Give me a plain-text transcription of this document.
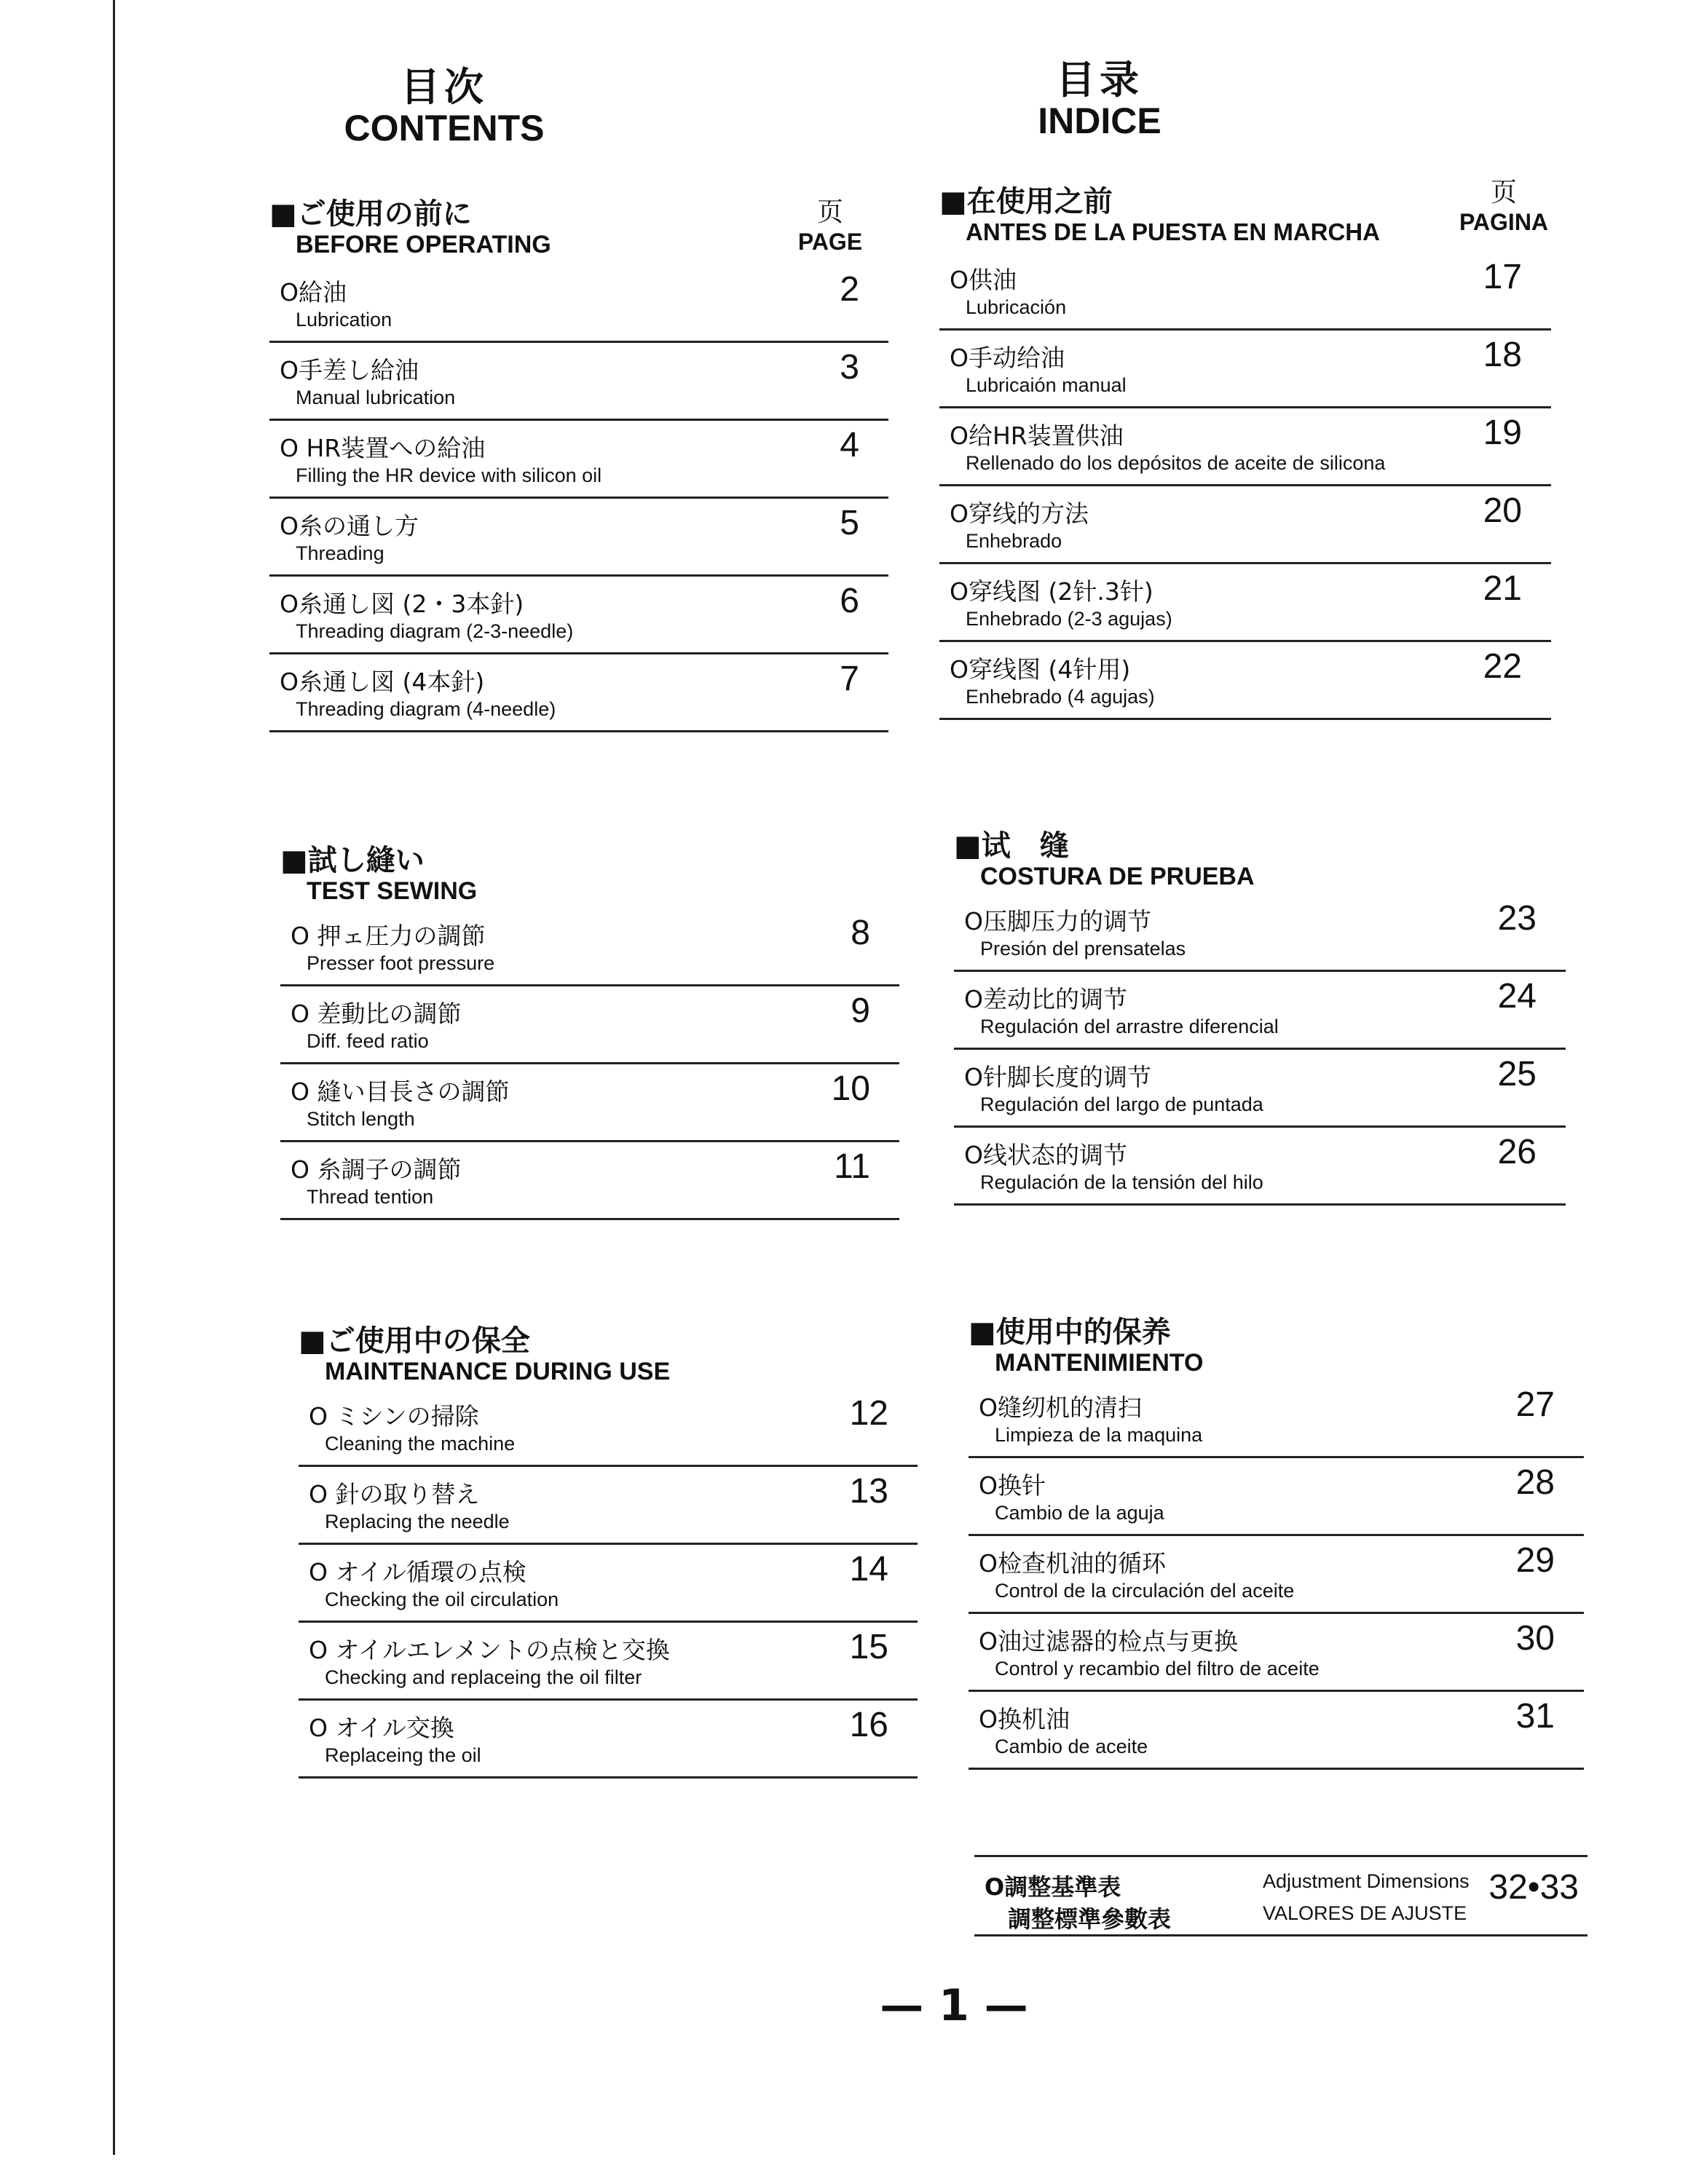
目次
CONTENTS
目录
INDICE
■ご使用の前に
BEFORE OPERATING
页
PAGE
O給油
Lubrication
2
O手差し給油
Manual lubrication
3
O HR装置への給油
Filling the HR device with silicon oil
4
O糸の通し方
Threading
5
O糸通し図 (2・3本針)
Threading diagram (2-3-needle)
6
O糸通し図 (4本針)
Threading diagram (4-needle)
7
■試し縫い
TEST SEWING
O 押ェ圧力の調節
Presser foot pressure
8
O 差動比の調節
Diff. feed ratio
9
O 縫い目長さの調節
Stitch length
10
O 糸調子の調節
Thread tention
11
■ご使用中の保全
MAINTENANCE DURING USE
O ミシンの掃除
Cleaning the machine
12
O 針の取り替え
Replacing the needle
13
O オイル循環の点検
Checking the oil circulation
14
O オイルエレメントの点検と交換
Checking and replaceing the oil filter
15
O オイル交換
Replaceing the oil
16
■在使用之前
ANTES DE LA PUESTA EN MARCHA
页
PAGINA
O供油
Lubricación
17
O手动给油
Lubricaión manual
18
O给HR装置供油
Rellenado do los depósitos de aceite de silicona
19
O穿线的方法
Enhebrado
20
O穿线图 (2针.3针)
Enhebrado (2-3 agujas)
21
O穿线图 (4针用)
Enhebrado (4 agujas)
22
■试　缝
COSTURA DE PRUEBA
O压脚压力的调节
Presión del prensatelas
23
O差动比的调节
Regulación del arrastre diferencial
24
O针脚长度的调节
Regulación del largo de puntada
25
O线状态的调节
Regulación de la tensión del hilo
26
■使用中的保养
MANTENIMIENTO
O缝纫机的清扫
Limpieza de la maquina
27
O换针
Cambio de la aguja
28
O检查机油的循环
Control de la circulación del aceite
29
O油过滤器的检点与更换
Control y recambio del filtro de aceite
30
O换机油
Cambio de aceite
31
O調整基準表
調整標準參數表
Adjustment Dimensions
VALORES DE AJUSTE
32•33
— 1 —
